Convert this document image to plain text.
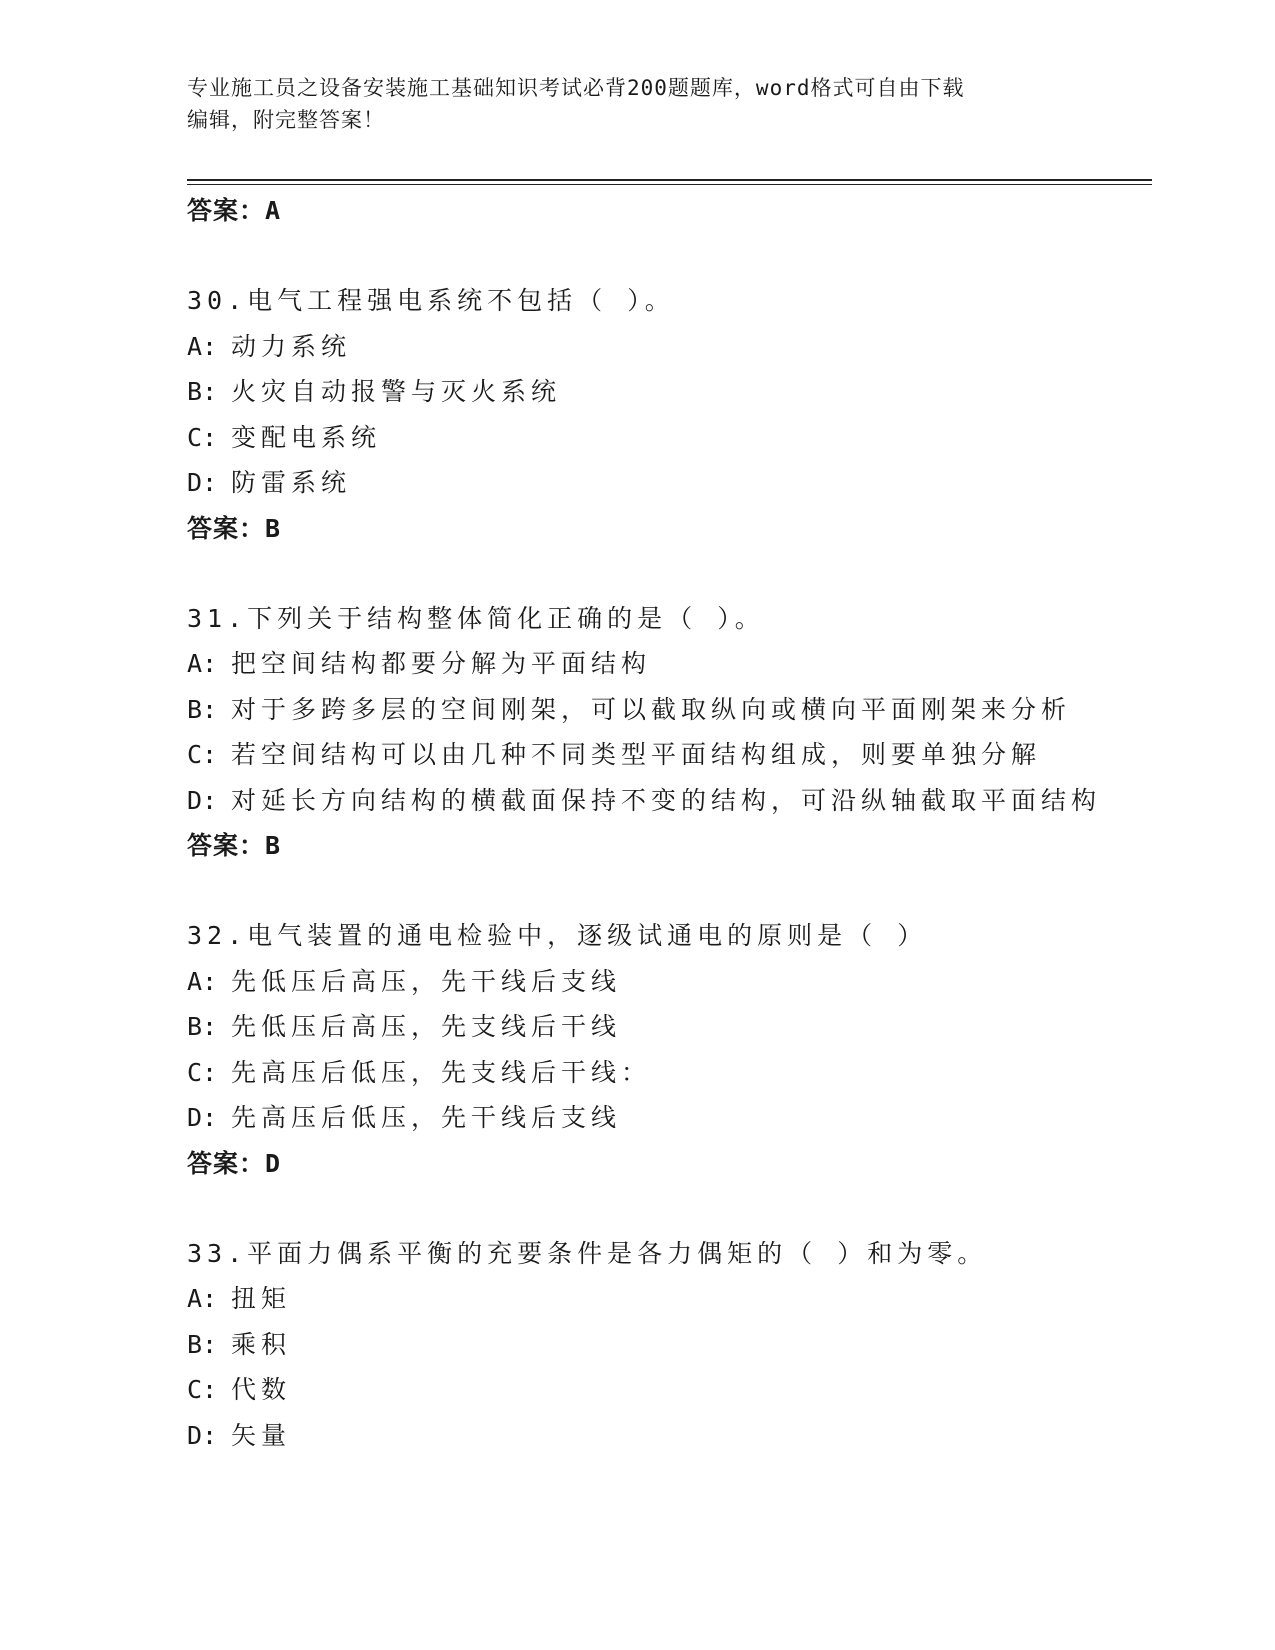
专业施工员之设备安装施工基础知识考试必背200题题库，word格式可自由下载
编辑，附完整答案！
答案：A
30.电气工程强电系统不包括（ ）。
A: 动力系统
B: 火灾自动报警与灭火系统
C: 变配电系统
D: 防雷系统
答案：B
31.下列关于结构整体简化正确的是（ ）。
A: 把空间结构都要分解为平面结构
B: 对于多跨多层的空间刚架，可以截取纵向或横向平面刚架来分析
C: 若空间结构可以由几种不同类型平面结构组成，则要单独分解
D: 对延长方向结构的横截面保持不变的结构，可沿纵轴截取平面结构
答案：B
32.电气装置的通电检验中，逐级试通电的原则是（ ）
A: 先低压后高压，先干线后支线
B: 先低压后高压，先支线后干线
C: 先高压后低压，先支线后干线：
D: 先高压后低压，先干线后支线
答案：D
33.平面力偶系平衡的充要条件是各力偶矩的（ ）和为零。
A: 扭矩
B: 乘积
C: 代数
D: 矢量
